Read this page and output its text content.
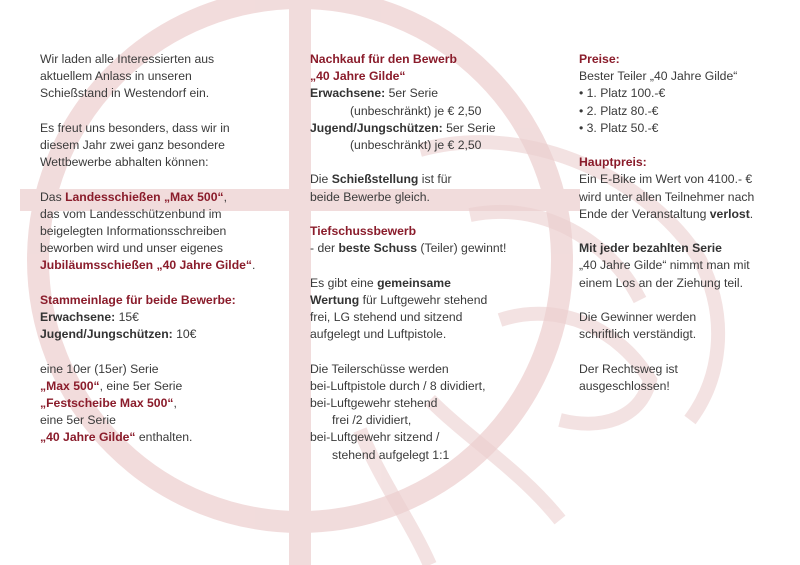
Wir laden alle Interessierten aus
aktuellem Anlass in unseren
Schießstand in Westendorf ein.
Es freut uns besonders, dass wir in
diesem Jahr zwei ganz besondere
Wettbewerbe abhalten können:
Das Landesschießen „Max 500“,
das vom Landesschützenbund im
beigelegten Informationsschreiben
beworben wird und unser eigenes
Jubiläumsschießen „40 Jahre Gilde“.
Stammeinlage für beide Bewerbe:
Erwachsene: 15€
Jugend/Jungschützen: 10€
eine 10er (15er) Serie
„Max 500“, eine 5er Serie
„Festscheibe Max 500“,
eine 5er Serie
„40 Jahre Gilde“ enthalten.
Nachkauf für den Bewerb
„40 Jahre Gilde“
Erwachsene: 5er Serie
(unbeschränkt) je € 2,50
Jugend/Jungschützen: 5er Serie
(unbeschränkt) je € 2,50
Die Schießstellung ist für
beide Bewerbe gleich.
Tiefschussbewerb
- der beste Schuss (Teiler) gewinnt!
Es gibt eine gemeinsame
Wertung für Luftgewehr stehend
frei, LG stehend und sitzend
aufgelegt und Luftpistole.
Die Teilerschüsse werden
bei-Luftpistole durch / 8 dividiert,
bei-Luftgewehr stehend
frei /2 dividiert,
bei-Luftgewehr sitzend /
stehend aufgelegt 1:1
Preise:
Bester Teiler „40 Jahre Gilde“
• 1. Platz 100.-€
• 2. Platz 80.-€
• 3. Platz 50.-€
Hauptpreis:
Ein E-Bike im Wert von 4100.- €
wird unter allen Teilnehmer nach
Ende der Veranstaltung verlost.
Mit jeder bezahlten Serie
„40 Jahre Gilde“ nimmt man mit
einem Los an der Ziehung teil.
Die Gewinner werden
schriftlich verständigt.
Der Rechtsweg ist
ausgeschlossen!
